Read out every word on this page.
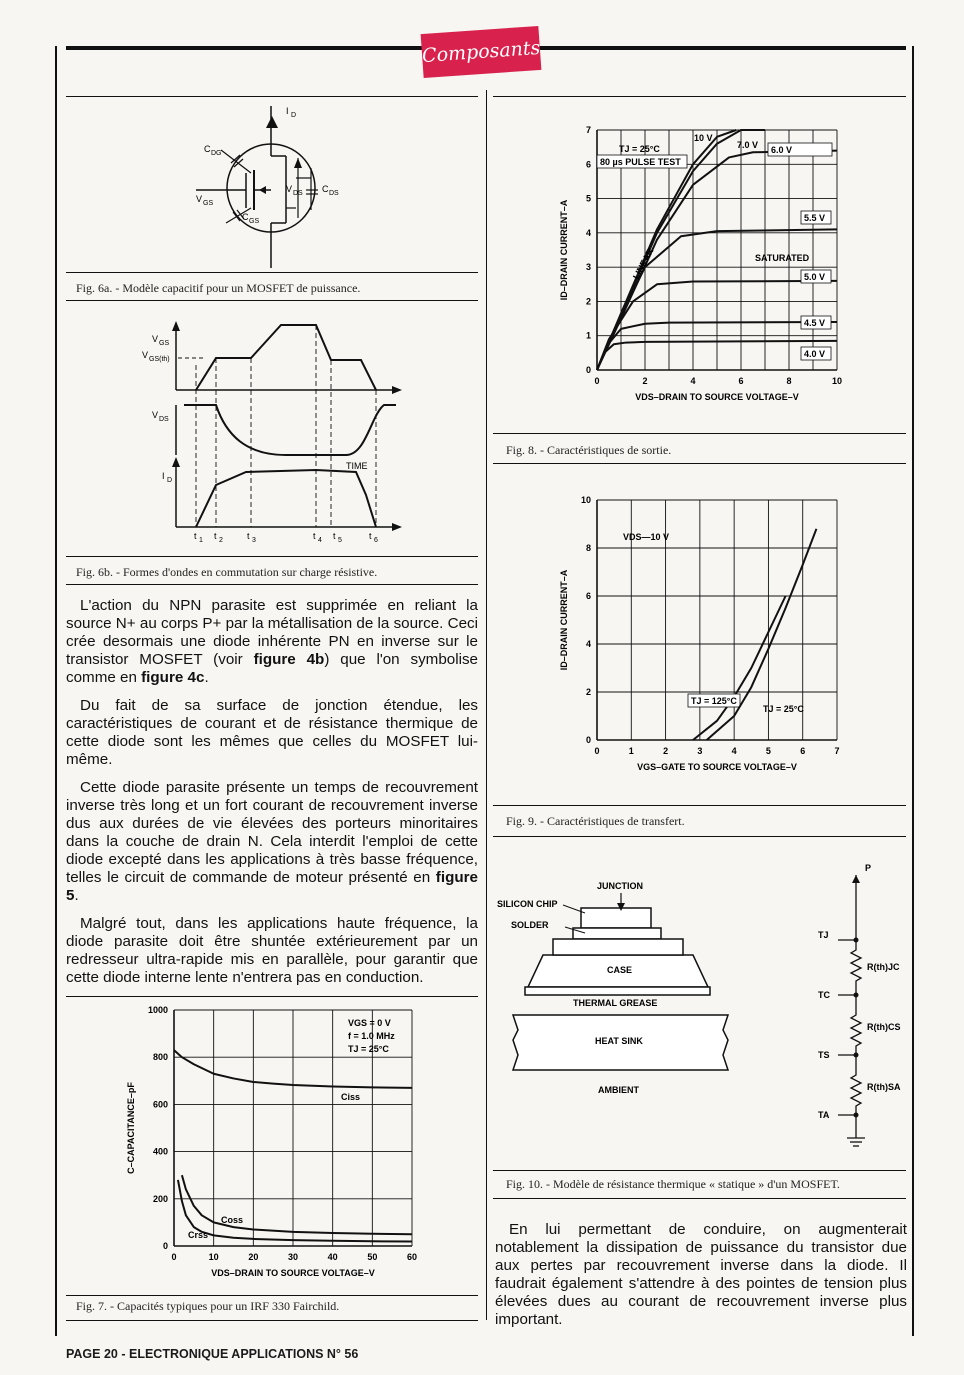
Composants
I D
C DG
V GS
V DS C DS
C GS
Fig. 6a. - Modèle capacitif pour un MOSFET de puissance.
V GS
V GS(th)
V DS
I D
TIME
t 1 t 2	t 3	t 4 t 5	t 6
Fig. 6b. - Formes d'ondes en commutation sur charge résistive.

L'action du NPN parasite est supprimée en reliant la source N+ au corps P+ par la métallisation de la source. Ceci crée desormais une diode inhérente PN en inverse sur le transistor MOSFET (voir figure 4b) que l'on symbolise comme en figure 4c.

Du fait de sa surface de jonction étendue, les caractéristiques de courant et de résistance thermique de cette diode sont les mêmes que celles du MOSFET lui-même.

Cette diode parasite présente un temps de recouvrement inverse très long et un fort courant de recouvrement inverse dus aux durées de vie élevées des porteurs minoritaires dans la couche de drain N. Cela interdit l'emploi de cette diode excepté dans les applications à très basse fréquence, telles le circuit de commande de moteur présenté en figure 5.

Malgré tout, dans les applications haute fréquence, la diode parasite doit être shuntée extérieurement par un redresseur ultra-rapide mis en parallèle, pour garantir que cette diode interne lente n'entrera pas en conduction.

0	10	20	30	40	50	60
0
200
400
600
800
1000
VDS–DRAIN TO SOURCE VOLTAGE–V
C–CAPACITANCE–pF	Ciss
Coss
Crss
VGS = 0 V
f = 1.0 MHz
TJ = 25°C
Fig. 7. - Capacités typiques pour un IRF 330 Fairchild.
0	2	4	6	8	10
0
1
2
3
4
5
6
7
VDS–DRAIN TO SOURCE VOLTAGE–V
ID–DRAIN CURRENT–A
4.0 V
4.5 V
5.0 V
5.5 V
6.0 V
7.0 V
10 V
TJ = 25°C
80 µs PULSE TEST
LINEAR	SATURATED
Fig. 8. - Caractéristiques de sortie.
0	1	2	3	4	5	6	7
0
2
4
6
8
10
VGS–GATE TO SOURCE VOLTAGE–V
ID–DRAIN CURRENT–A
TJ = 125°C
TJ = 25°C
VDS—10 V
Fig. 9. - Caractéristiques de transfert.
JUNCTION
SILICON CHIP
SOLDER
CASE
THERMAL GREASE
HEAT SINK
AMBIENT
P
TJ
TC
TS
TA
R(th)JC
R(th)CS
R(th)SA
Fig. 10. - Modèle de résistance thermique « statique » d'un MOSFET.

En lui permettant de conduire, on augmenterait notablement la dissipation de puissance du transistor due aux pertes par recouvrement inverse dans la diode. Il faudrait également s'attendre à des pointes de tension plus élevées dues au courant de recouvrement inverse plus important.

PAGE 20 - ELECTRONIQUE APPLICATIONS N° 56
